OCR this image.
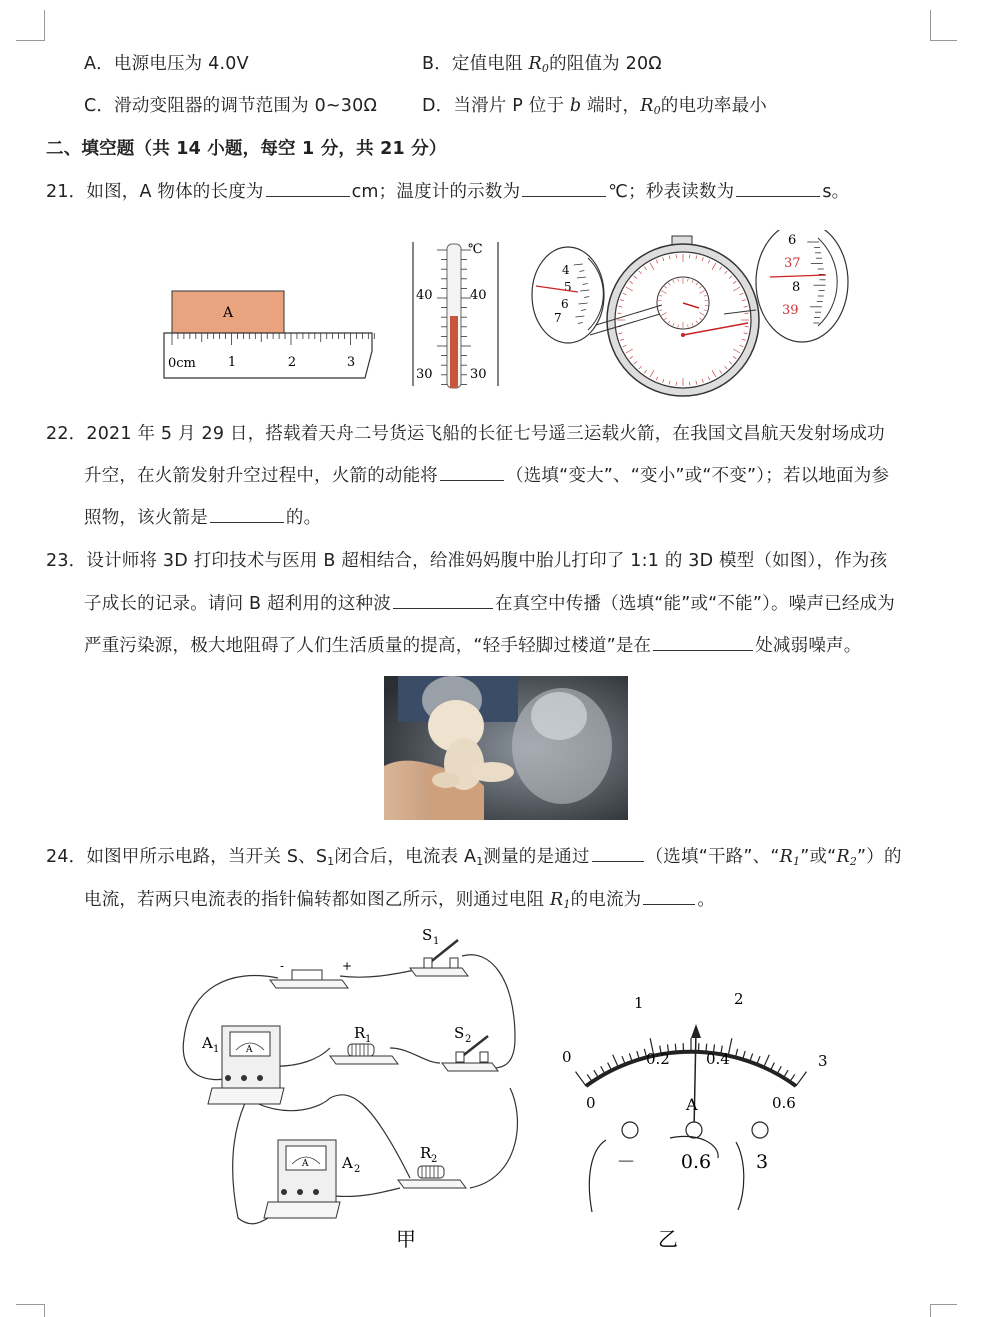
A．电源电压为 4.0V	B．定值电阻 $R_0$的阻值为 20Ω
C．滑动变阻器的调节范围为 0~30Ω	D．当滑片 P 位于 b 端时，$R_0$的电功率最小
二、填空题（共 14 小题，每空 1 分，共 21 分）
21．如图，A 物体的长度为	cm；温度计的示数为	℃；秒表读数为	s。
A
0cm 1	2	3
℃
40	40
30	30
4
5
6
7
6
37
8
39
22．2021 年 5 月 29 日，搭载着天舟二号货运飞船的长征七号遥三运载火箭，在我国文昌航天发射场成功
升空，在火箭发射升空过程中，火箭的动能将	（选填“变大”、“变小”或“不变”）；若以地面为参
照物，该火箭是	的。
23．设计师将 3D 打印技术与医用 B 超相结合，给准妈妈腹中胎儿打印了 1:1 的 3D 模型（如图），作为孩
子成长的记录。请问 B 超利用的这种波	在真空中传播（选填“能”或“不能”）。噪声已经成为
严重污染源，极大地阻碍了人们生活质量的提高，“轻手轻脚过楼道”是在	处减弱噪声。
24．如图甲所示电路，当开关 S、$S_1$闭合后，电流表 $A_1$测量的是通过	（选填“干路”、“$R_1$”或“$R_2$”）的
电流，若两只电流表的指针偏转都如图乙所示，则通过电阻 $R_1$的电流为	。
-	+
S 1
S 2
R 1
R 2
A
A 1
A A 2
甲
0
1	2
3
0
0.2 0.4
0.6
A
－ 0.6 3
乙
